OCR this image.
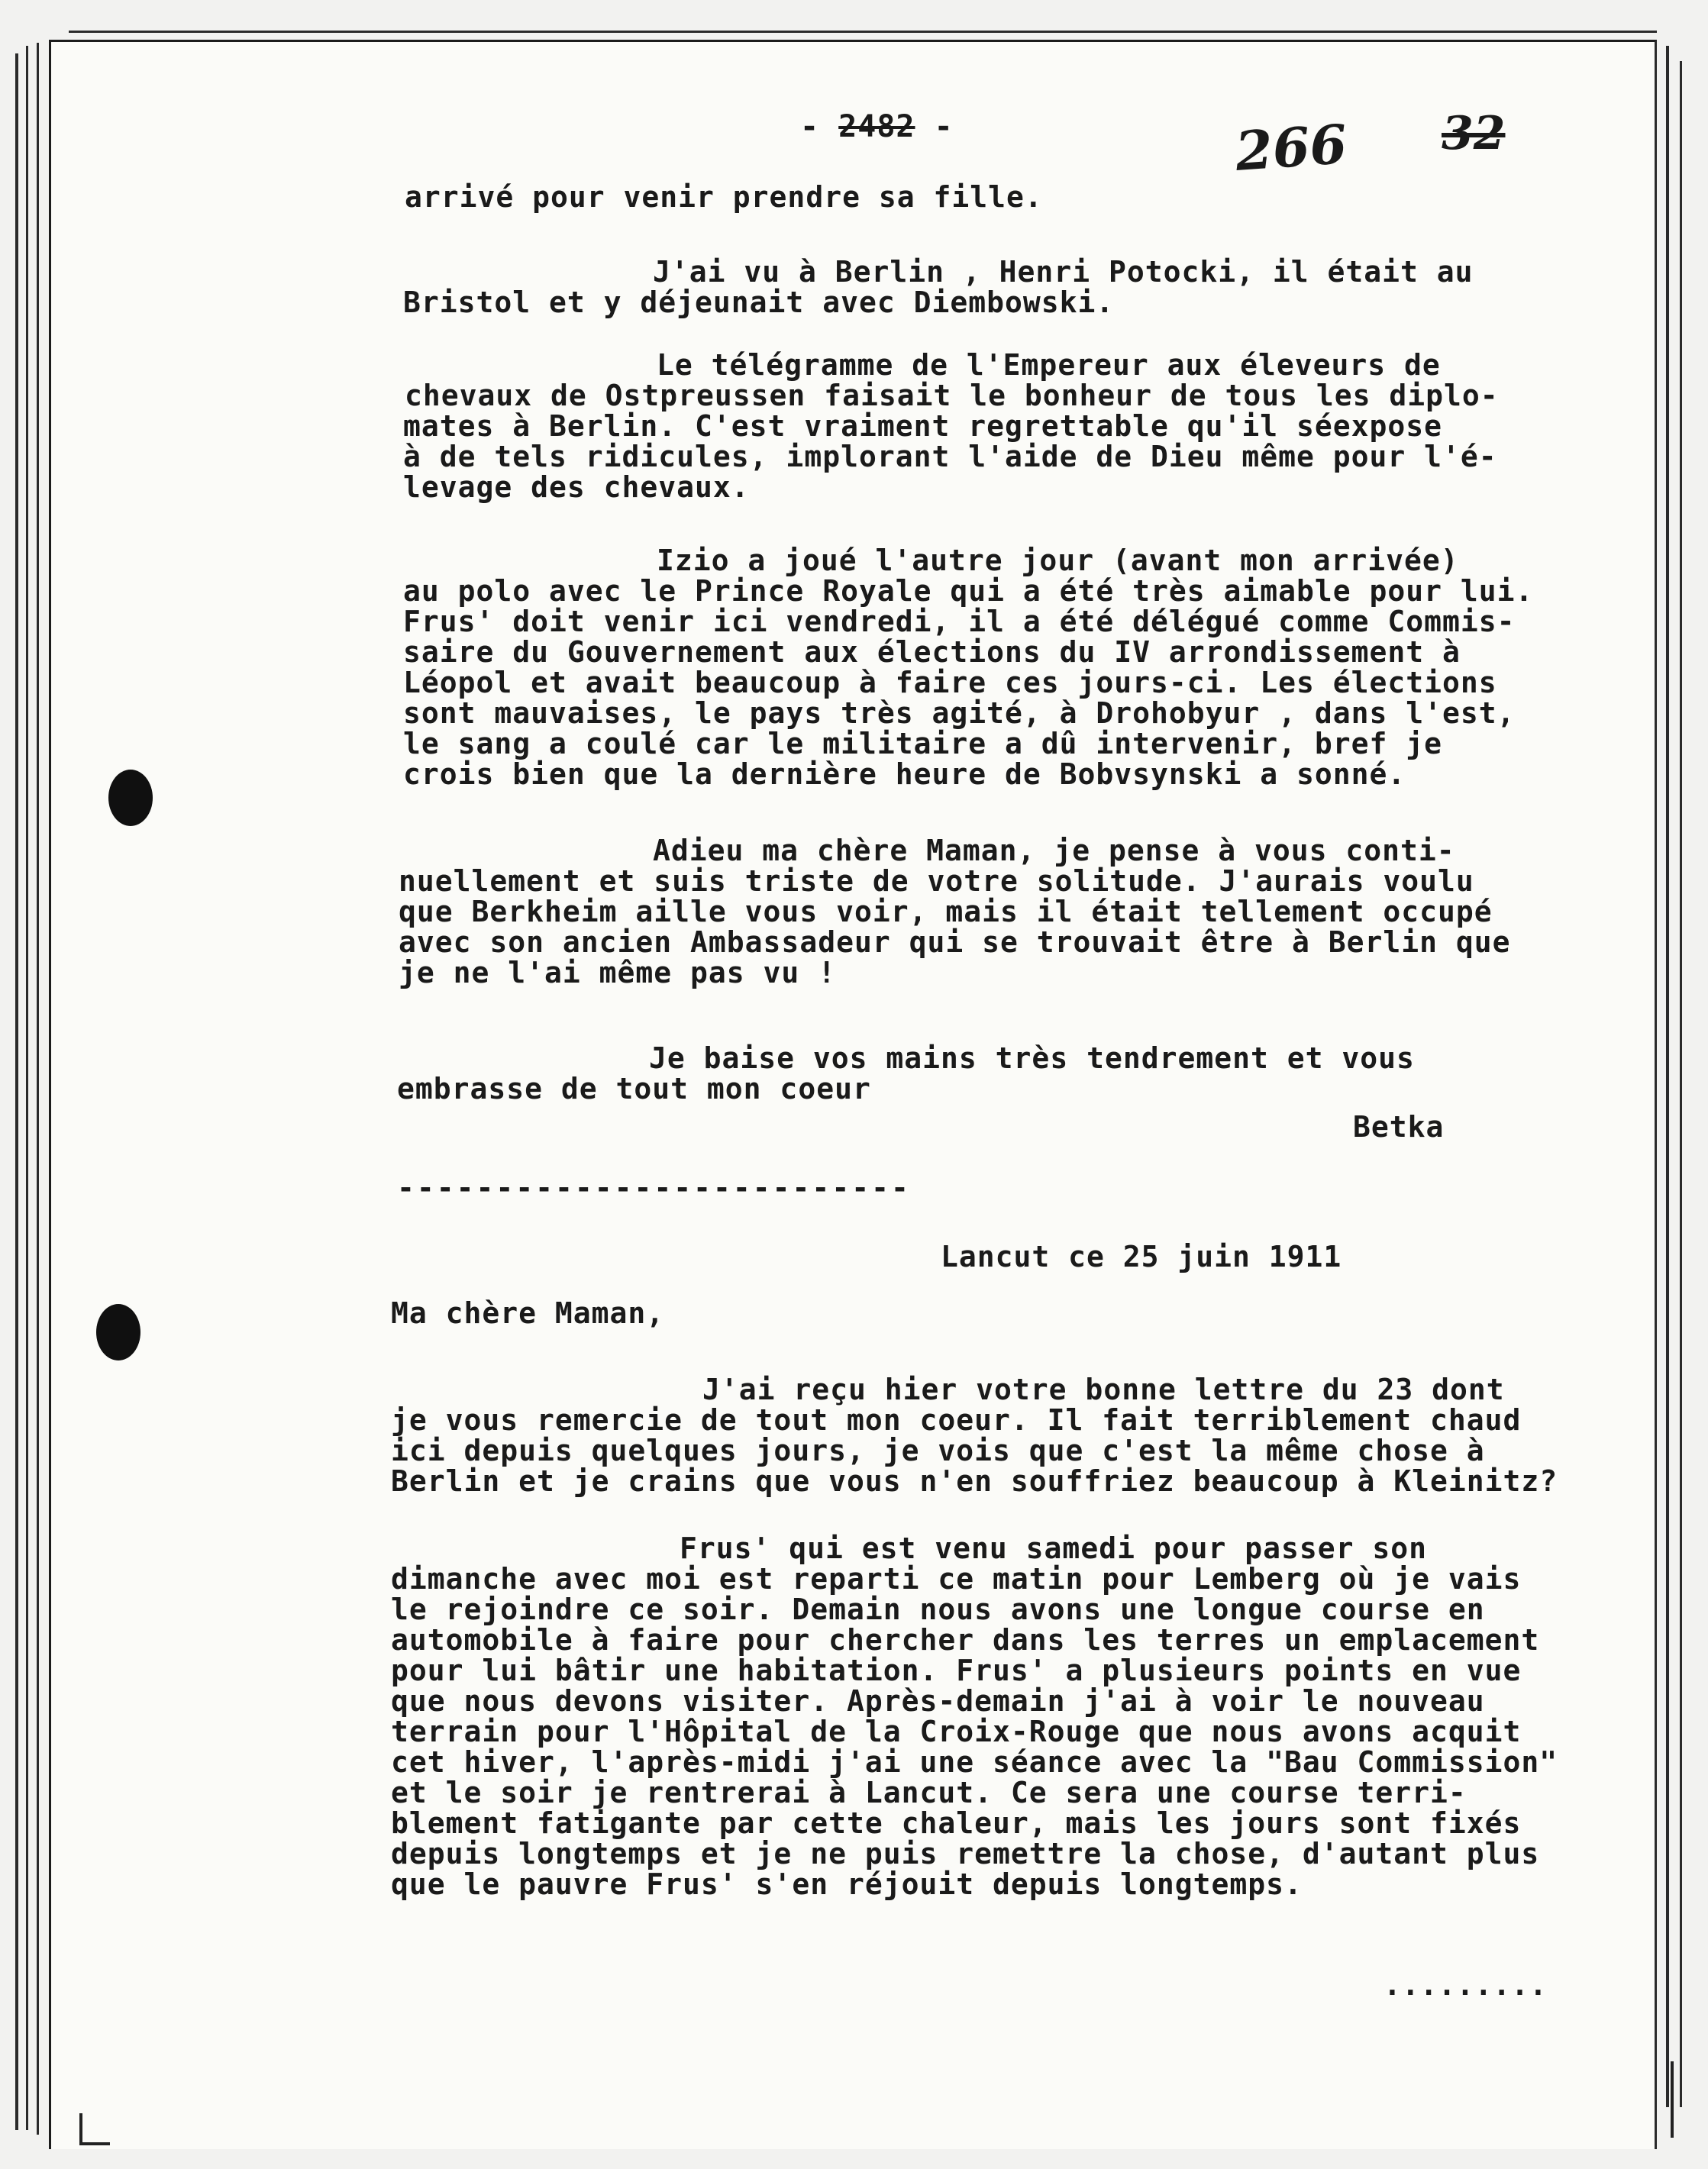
- 2482 -	266 32
arrivé pour venir prendre sa fille.
J'ai vu à Berlin , Henri Potocki, il était au
Bristol et y déjeunait avec Diembowski.
Le télégramme de l'Empereur aux éleveurs de
chevaux de Ostpreussen faisait le bonheur de tous les diplo-
mates à Berlin. C'est vraiment regrettable qu'il séexpose
à de tels ridicules, implorant l'aide de Dieu même pour l'é-
levage des chevaux.
Izio a joué l'autre jour (avant mon arrivée)
au polo avec le Prince Royale qui a été très aimable pour lui.
Frus' doit venir ici vendredi, il a été délégué comme Commis-
saire du Gouvernement aux élections du IV arrondissement à
Léopol et avait beaucoup à faire ces jours-ci. Les élections
sont mauvaises, le pays très agité, à Drohobyur , dans l'est,
le sang a coulé car le militaire a dû intervenir, bref je
crois bien que la dernière heure de Bobvsynski a sonné.
Adieu ma chère Maman, je pense à vous conti-
nuellement et suis triste de votre solitude. J'aurais voulu
que Berkheim aille vous voir, mais il était tellement occupé
avec son ancien Ambassadeur qui se trouvait être à Berlin que
je ne l'ai même pas vu !
Je baise vos mains très tendrement et vous
embrasse de tout mon coeur
Betka
--------------------------
Lancut ce 25 juin 1911
Ma chère Maman,
J'ai reçu hier votre bonne lettre du 23 dont
je vous remercie de tout mon coeur. Il fait terriblement chaud
ici depuis quelques jours, je vois que c'est la même chose à
Berlin et je crains que vous n'en souffriez beaucoup à Kleinitz?
Frus' qui est venu samedi pour passer son
dimanche avec moi est reparti ce matin pour Lemberg où je vais
le rejoindre ce soir. Demain nous avons une longue course en
automobile à faire pour chercher dans les terres un emplacement
pour lui bâtir une habitation. Frus' a plusieurs points en vue
que nous devons visiter. Après-demain j'ai à voir le nouveau
terrain pour l'Hôpital de la Croix-Rouge que nous avons acquit
cet hiver, l'après-midi j'ai une séance avec la "Bau Commission"
et le soir je rentrerai à Lancut. Ce sera une course terri-
blement fatigante par cette chaleur, mais les jours sont fixés
depuis longtemps et je ne puis remettre la chose, d'autant plus
que le pauvre Frus' s'en réjouit depuis longtemps.
.........
